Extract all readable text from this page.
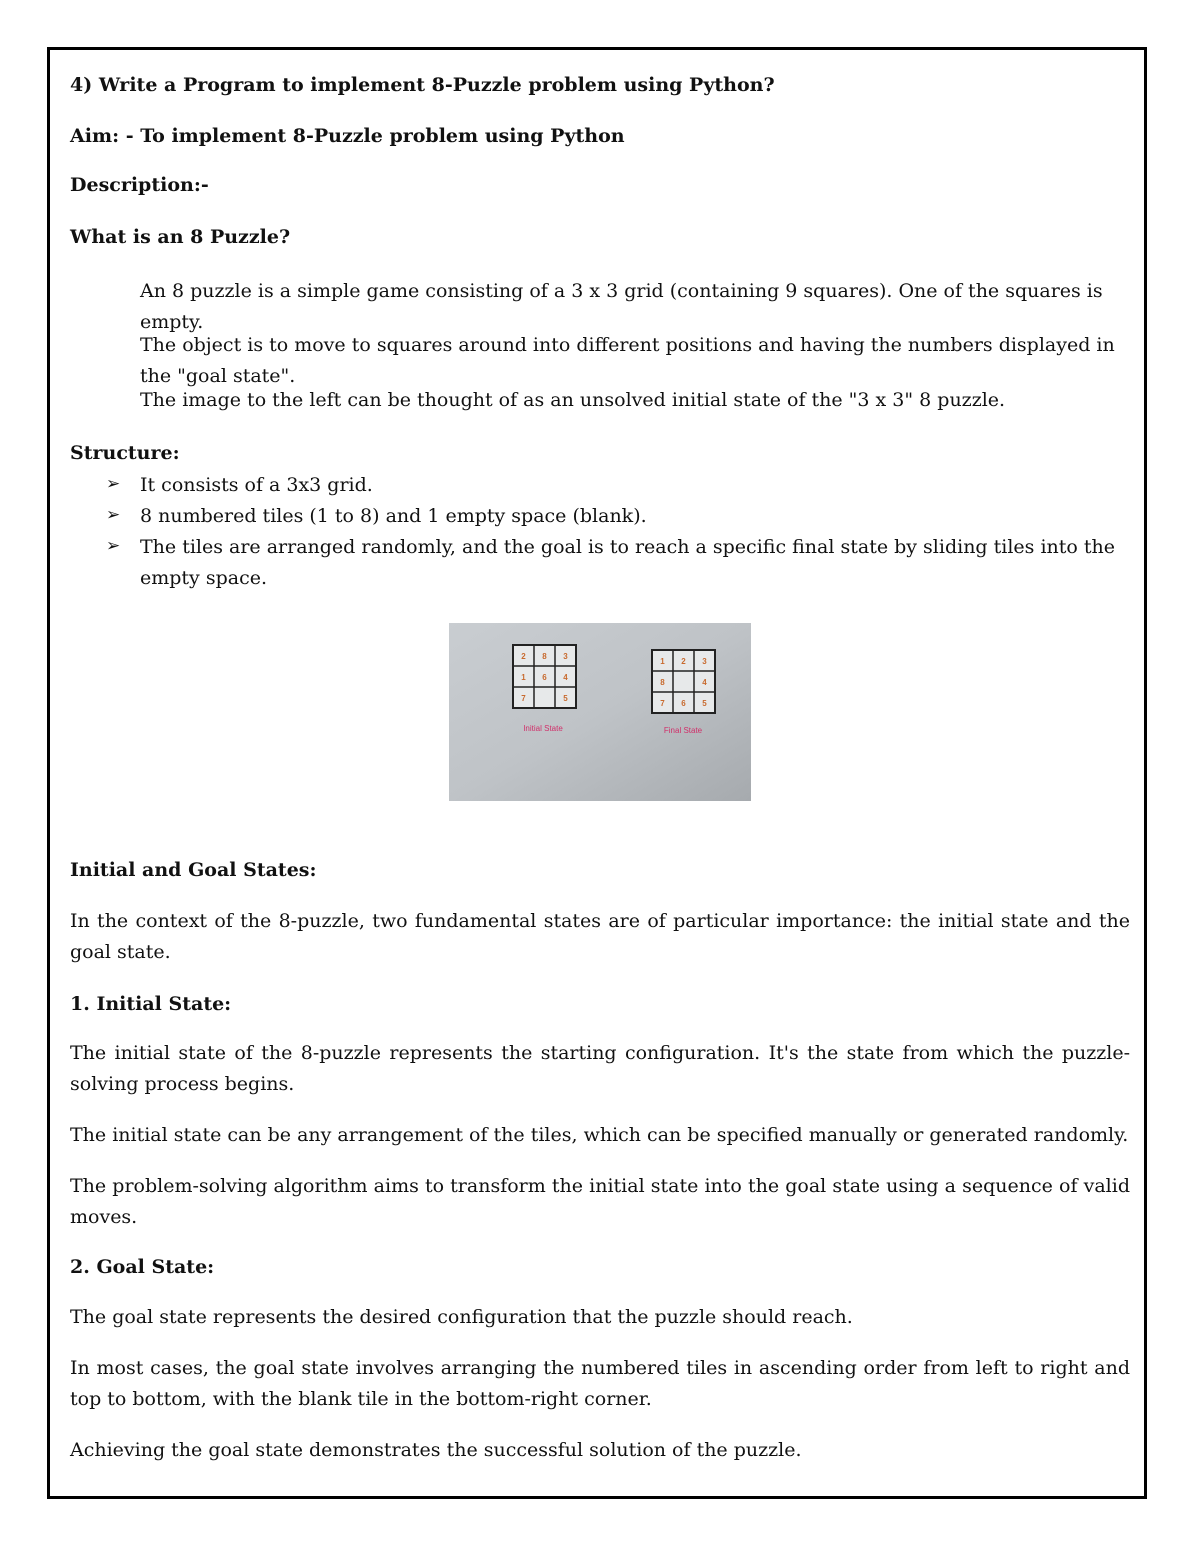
4) Write a Program to implement 8-Puzzle problem using Python?
Aim: - To implement 8-Puzzle problem using Python
Description:-
What is an 8 Puzzle?
An 8 puzzle is a simple game consisting of a 3 x 3 grid (containing 9 squares). One of the squares is empty.
The object is to move to squares around into different positions and having the numbers displayed in the "goal state".
The image to the left can be thought of as an unsolved initial state of the "3 x 3" 8 puzzle.
Structure:
➢ It consists of a 3x3 grid.
➢ 8 numbered tiles (1 to 8) and 1 empty space (blank).
➢ The tiles are arranged randomly, and the goal is to reach a specific final state by sliding tiles into the empty space.
2 8 3
1 6 4
7	5
Initial State
1 2 3
8	4
7 6 5
Final State
Initial and Goal States:
In the context of the 8-puzzle, two fundamental states are of particular importance: the initial state and the goal state.
1. Initial State:
The initial state of the 8-puzzle represents the starting configuration. It's the state from which the puzzle-solving process begins.
The initial state can be any arrangement of the tiles, which can be specified manually or generated randomly.
The problem-solving algorithm aims to transform the initial state into the goal state using a sequence of valid moves.
2. Goal State:
The goal state represents the desired configuration that the puzzle should reach.
In most cases, the goal state involves arranging the numbered tiles in ascending order from left to right and top to bottom, with the blank tile in the bottom-right corner.
Achieving the goal state demonstrates the successful solution of the puzzle.
